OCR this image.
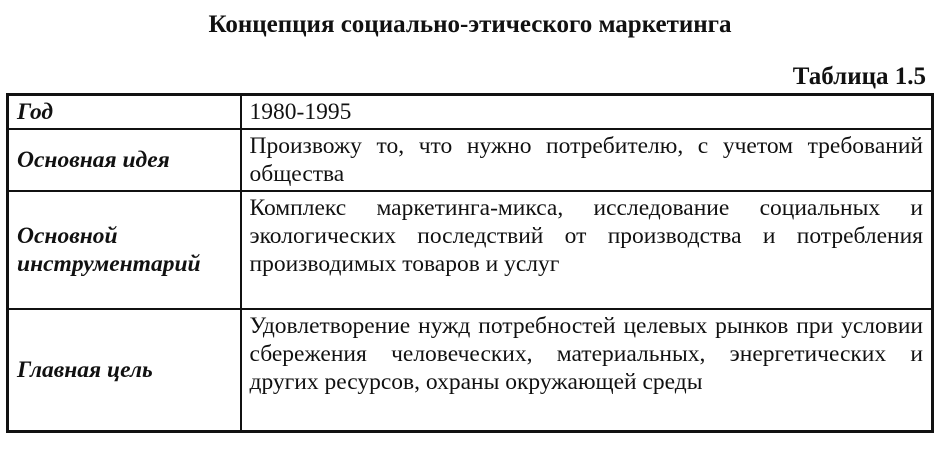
Концепция социально-этического маркетинга
Таблица 1.5
Год	1980-1995
Основная идея	Произвожу то, что нужно потребителю, с учетом требований общества
Основной инструментарий	Комплекс маркетинга-микса, исследование социальных и экологических последствий от производства и потребления производимых товаров и услуг
Главная цель	Удовлетворение нужд потребностей целевых рынков при условии сбережения человеческих, материальных, энергетических и других ресурсов, охраны окружающей среды
